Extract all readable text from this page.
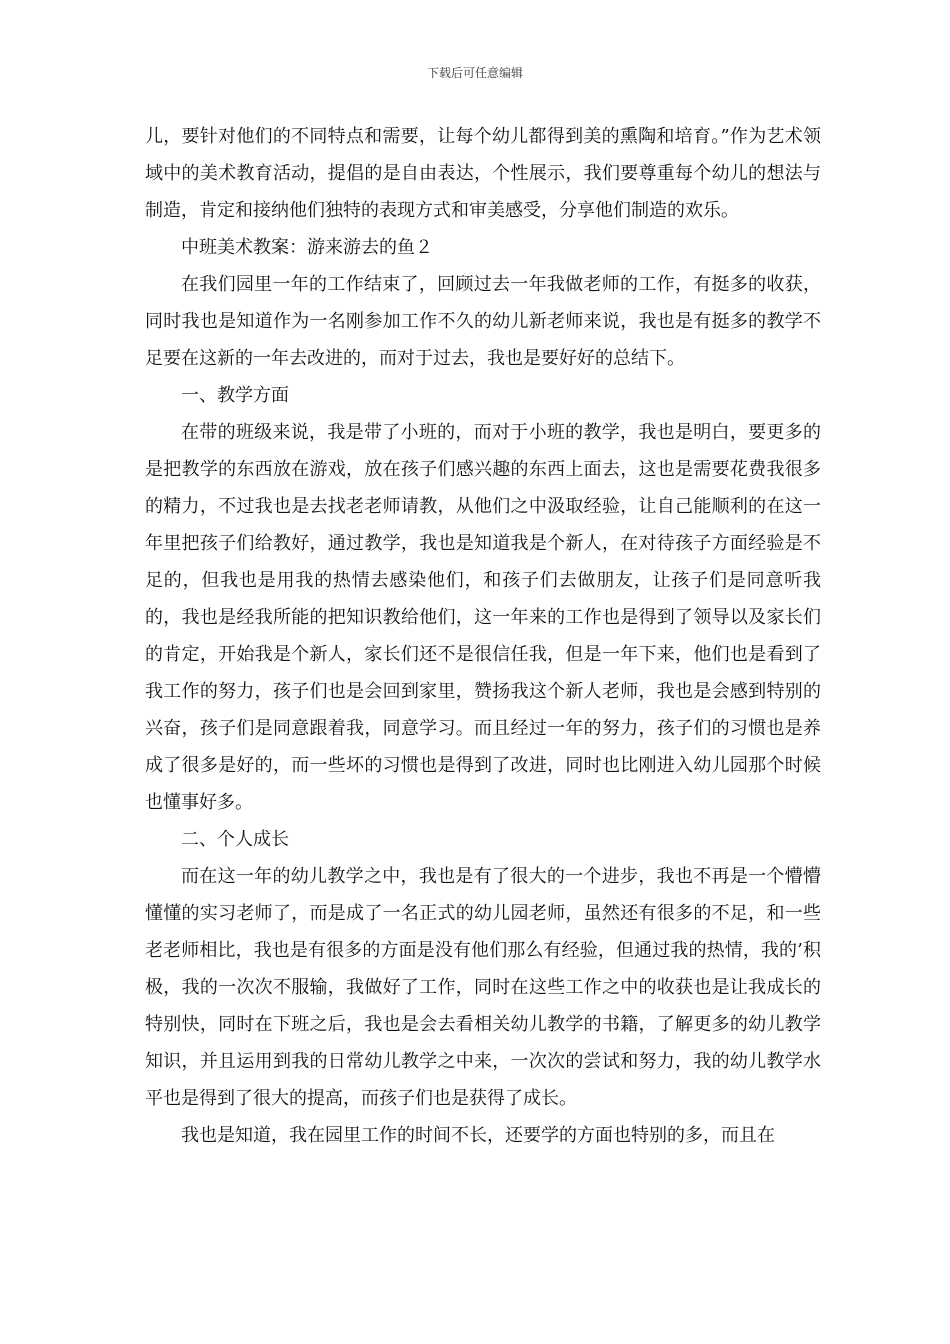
下载后可任意编辑

儿，要针对他们的不同特点和需要，让每个幼儿都得到美的熏陶和培育。”作为艺术领域中的美术教育活动，提倡的是自由表达，个性展示，我们要尊重每个幼儿的想法与制造，肯定和接纳他们独特的表现方式和审美感受，分享他们制造的欢乐。

中班美术教案：游来游去的鱼２

在我们园里一年的工作结束了，回顾过去一年我做老师的工作，有挺多的收获，同时我也是知道作为一名刚参加工作不久的幼儿新老师来说，我也是有挺多的教学不足要在这新的一年去改进的，而对于过去，我也是要好好的总结下。

一、教学方面

在带的班级来说，我是带了小班的，而对于小班的教学，我也是明白，要更多的是把教学的东西放在游戏，放在孩子们感兴趣的东西上面去，这也是需要花费我很多的精力，不过我也是去找老老师请教，从他们之中汲取经验，让自己能顺利的在这一年里把孩子们给教好，通过教学，我也是知道我是个新人，在对待孩子方面经验是不足的，但我也是用我的热情去感染他们，和孩子们去做朋友，让孩子们是同意听我的，我也是经我所能的把知识教给他们，这一年来的工作也是得到了领导以及家长们的肯定，开始我是个新人，家长们还不是很信任我，但是一年下来，他们也是看到了我工作的努力，孩子们也是会回到家里，赞扬我这个新人老师，我也是会感到特别的兴奋，孩子们是同意跟着我，同意学习。而且经过一年的努力，孩子们的习惯也是养成了很多是好的，而一些坏的习惯也是得到了改进，同时也比刚进入幼儿园那个时候也懂事好多。

二、个人成长

而在这一年的幼儿教学之中，我也是有了很大的一个进步，我也不再是一个懵懵懂懂的实习老师了，而是成了一名正式的幼儿园老师，虽然还有很多的不足，和一些老老师相比，我也是有很多的方面是没有他们那么有经验，但通过我的热情，我的’积极，我的一次次不服输，我做好了工作，同时在这些工作之中的收获也是让我成长的特别快，同时在下班之后，我也是会去看相关幼儿教学的书籍，了解更多的幼儿教学知识，并且运用到我的日常幼儿教学之中来，一次次的尝试和努力，我的幼儿教学水平也是得到了很大的提高，而孩子们也是获得了成长。

我也是知道，我在园里工作的时间不长，还要学的方面也特别的多，而且在
